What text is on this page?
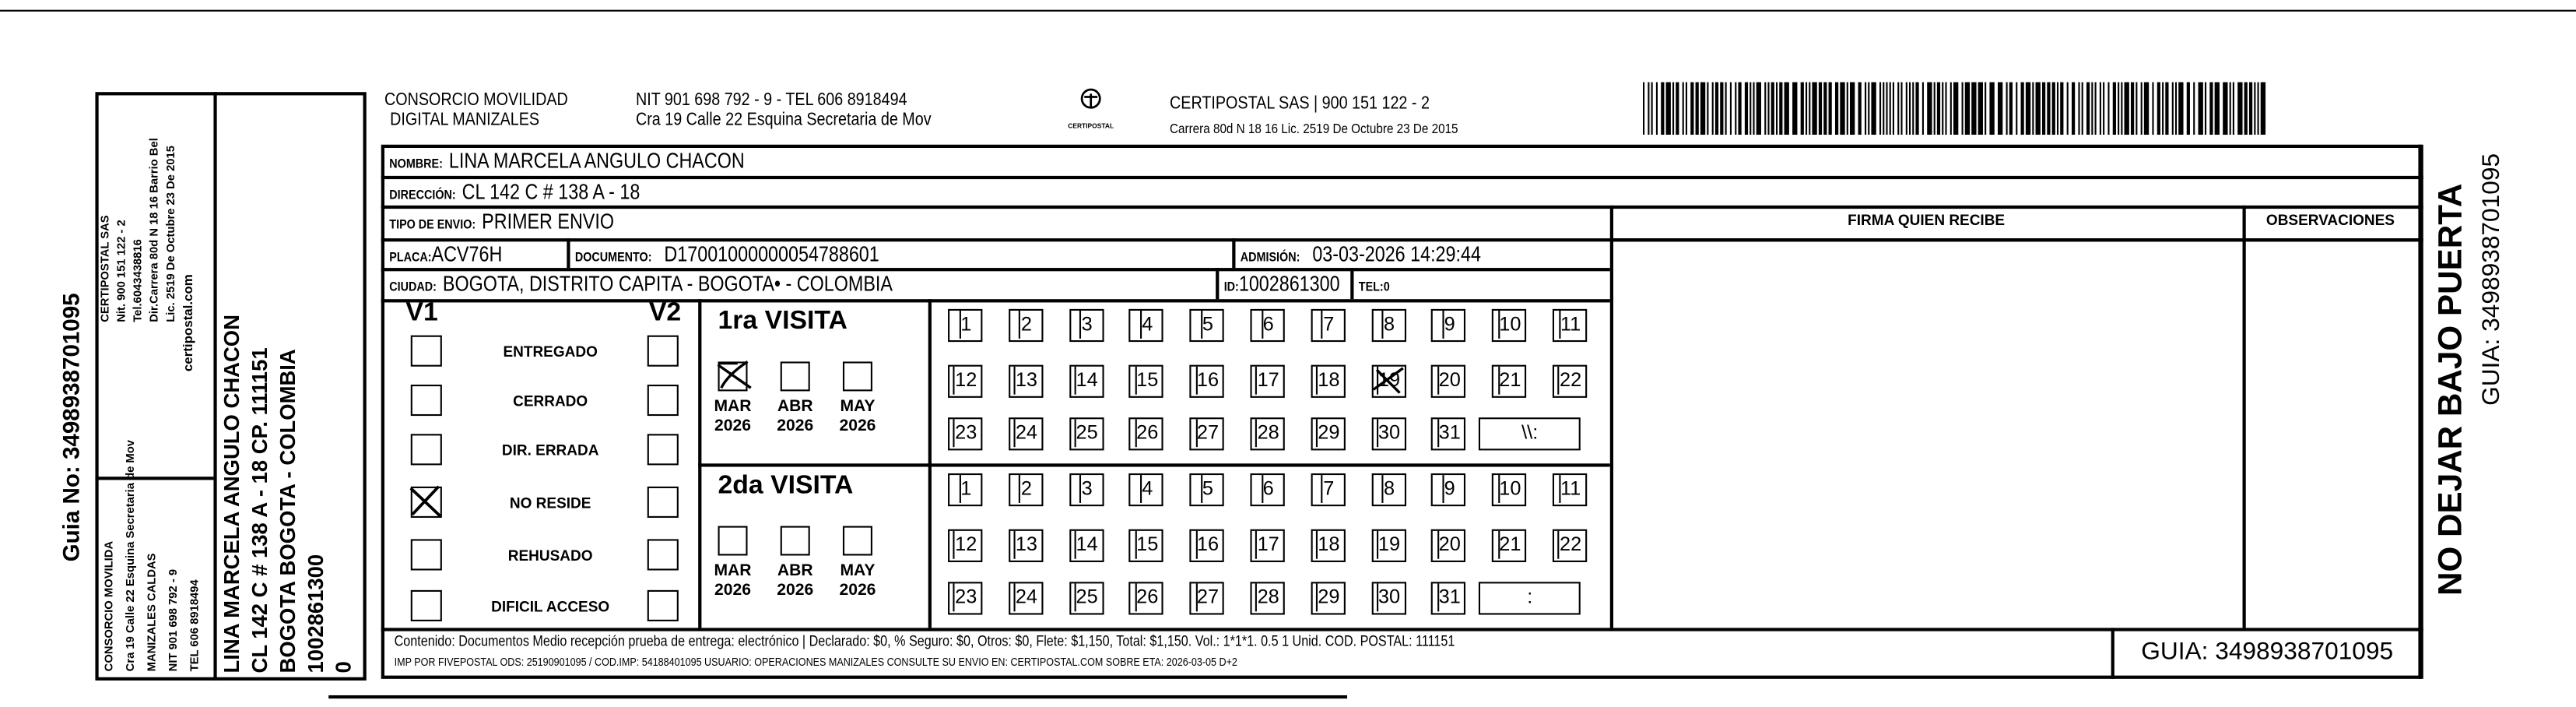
Guia No: 3498938701095
CERTIPOSTAL SAS Nit. 900 151 122 - 2 Tel.6043438816 Dir.Carrera 80d N 18 16 Barrio Bel Lic. 2519 De Octubre 23 De 2015
certipostal.com
CONSORCIO MOVILIDA	Cra 19 Calle 22 Esquina Secretaria de Mov	MANIZALES CALDAS	NIT 901 698 792 - 9	TEL 606 8918494	LINA MARCELA ANGULO CHACON CL 142 C # 138 A - 18 CP. 111151 BOGOTA BOGOTA - COLOMBIA 1002861300 0
CONSORCIO MOVILIDAD
DIGITAL MANIZALES
NIT 901 698 792 - 9 - TEL 606 8918494
Cra 19 Calle 22 Esquina Secretaria de Mov	CERTIPOSTAL
CERTIPOSTAL SAS | 900 151 122 - 2
Carrera 80d N 18 16 Lic. 2519 De Octubre 23 De 2015
NOMBRE: LINA MARCELA ANGULO CHACON
DIRECCIÓN: CL 142 C # 138 A - 18
TIPO DE ENVIO: PRIMER ENVIO
PLACA:ACV76H	DOCUMENTO: D17001000000054788601	ADMISIÓN: 03-03-2026 14:29:44
CIUDAD: BOGOTA, DISTRITO CAPITA - BOGOTA• - COLOMBIA	ID:1002861300	TEL:0
FIRMA QUIEN RECIBE	OBSERVACIONES
V1	V2
Contenido: Documentos Medio recepción prueba de entrega: electrónico | Declarado: $0, % Seguro: $0, Otros: $0, Flete: $1,150, Total: $1,150. Vol.: 1*1*1. 0.5 1 Unid. COD. POSTAL: 111151
IMP POR FIVEPOSTAL ODS: 25190901095 / COD.IMP: 54188401095 USUARIO: OPERACIONES MANIZALES CONSULTE SU ENVIO EN: CERTIPOSTAL.COM SOBRE ETA: 2026-03-05 D+2	GUIA: 3498938701095
NO DEJAR BAJO PUERTA GUIA: 3498938701095
ENTREGADO
CERRADO
DIR. ERRADA
NO RESIDE
REHUSADO
DIFICIL ACCESO
1ra VISITA
MAR
2026
ABR
2026
MAY
2026
1	2	3	4	5	6	7	8	9	10	11
12	13	14	15	16	17	18	19	20	21	22
23	24	25	26	27	28	29	30	31	\\:
2da VISITA
MAR
2026
ABR
2026
MAY
2026
1	2	3	4	5	6	7	8	9	10	11
12	13	14	15	16	17	18	19	20	21	22
23	24	25	26	27	28	29	30	31	:
